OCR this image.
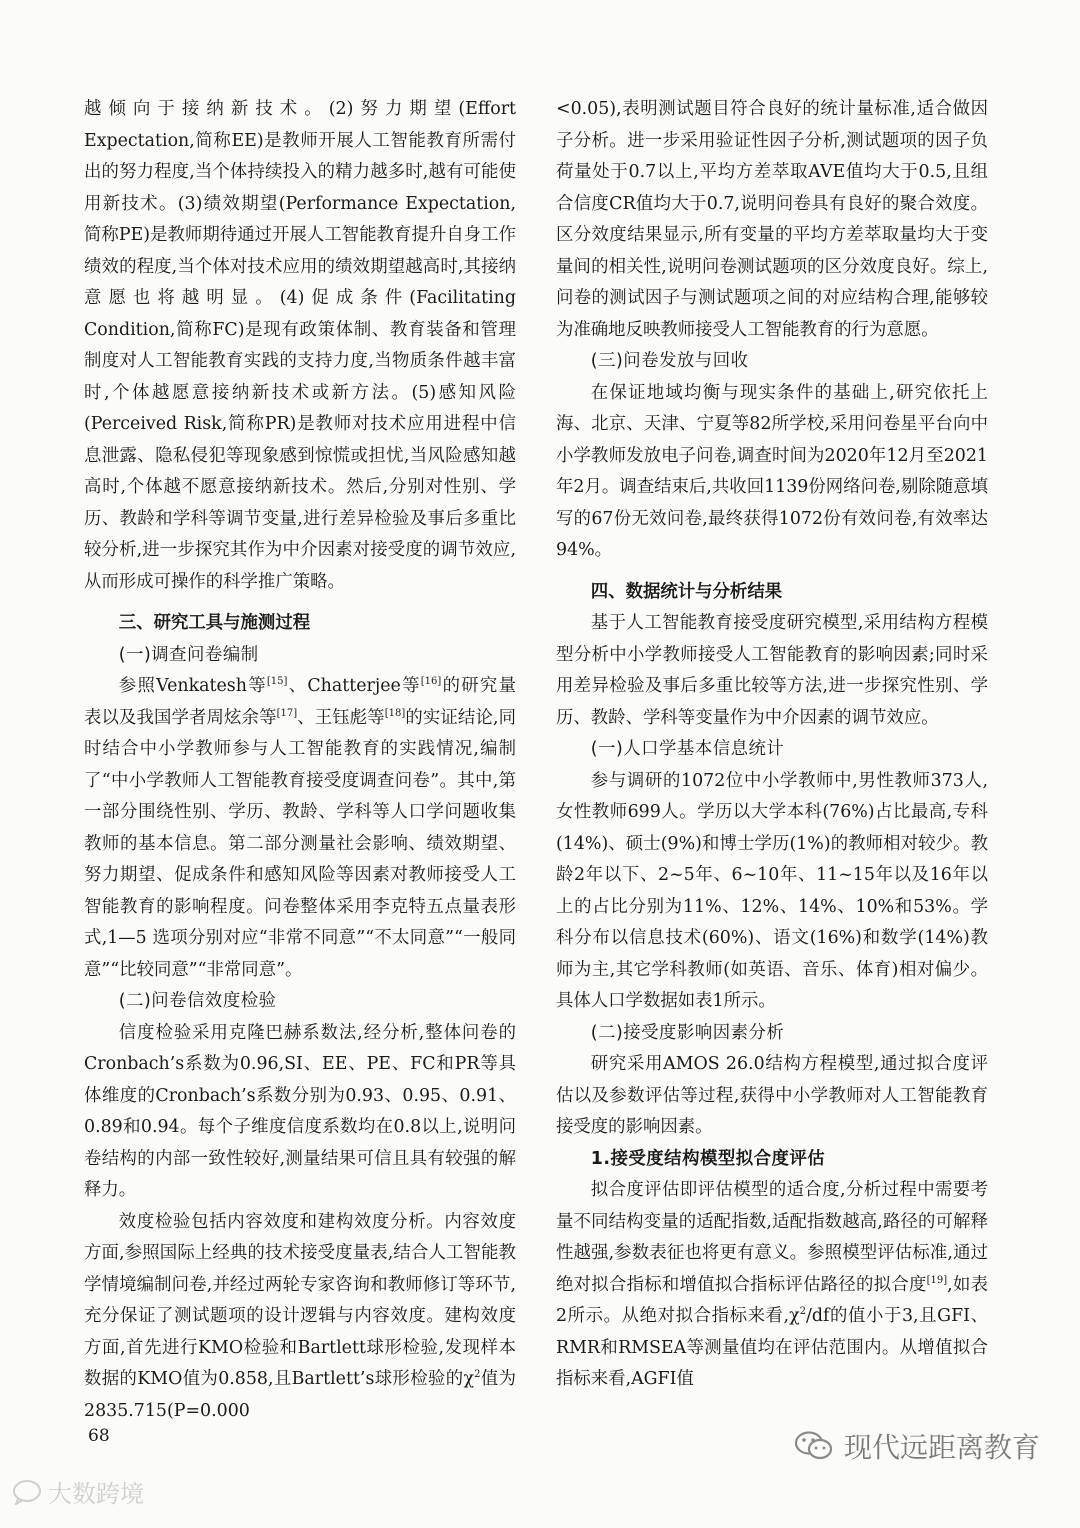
越倾向于接纳新技术。(2)努力期望(Effort Expectation,简称EE)是教师开展人工智能教育所需付出的努力程度,当个体持续投入的精力越多时,越有可能使用新技术。(3)绩效期望(Performance Expectation,简称PE)是教师期待通过开展人工智能教育提升自身工作绩效的程度,当个体对技术应用的绩效期望越高时,其接纳意愿也将越明显。(4)促成条件(Facilitating Condition,简称FC)是现有政策体制、教育装备和管理制度对人工智能教育实践的支持力度,当物质条件越丰富时,个体越愿意接纳新技术或新方法。(5)感知风险(Perceived Risk,简称PR)是教师对技术应用进程中信息泄露、隐私侵犯等现象感到惊慌或担忧,当风险感知越高时,个体越不愿意接纳新技术。然后,分别对性别、学历、教龄和学科等调节变量,进行差异检验及事后多重比较分析,进一步探究其作为中介因素对接受度的调节效应,从而形成可操作的科学推广策略。

三、研究工具与施测过程

(一)调查问卷编制

参照Venkatesh等[15]、Chatterjee等[16]的研究量表以及我国学者周炫余等[17]、王钰彪等[18]的实证结论,同时结合中小学教师参与人工智能教育的实践情况,编制了“中小学教师人工智能教育接受度调查问卷”。其中,第一部分围绕性别、学历、教龄、学科等人口学问题收集教师的基本信息。第二部分测量社会影响、绩效期望、努力期望、促成条件和感知风险等因素对教师接受人工智能教育的影响程度。问卷整体采用李克特五点量表形式,1—5 选项分别对应“非常不同意”“不太同意”“一般同意”“比较同意”“非常同意”。

(二)问卷信效度检验

信度检验采用克隆巴赫系数法,经分析,整体问卷的Cronbach’s系数为0.96,SI、EE、PE、FC和PR等具体维度的Cronbach’s系数分别为0.93、0.95、0.91、0.89和0.94。每个子维度信度系数均在0.8以上,说明问卷结构的内部一致性较好,测量结果可信且具有较强的解释力。

效度检验包括内容效度和建构效度分析。内容效度方面,参照国际上经典的技术接受度量表,结合人工智能教学情境编制问卷,并经过两轮专家咨询和教师修订等环节,充分保证了测试题项的设计逻辑与内容效度。建构效度方面,首先进行KMO检验和Bartlett球形检验,发现样本数据的KMO值为0.858,且Bartlett’s球形检验的$\chi^2$值为2835.715(P=0.000

<0.05),表明测试题目符合良好的统计量标准,适合做因子分析。进一步采用验证性因子分析,测试题项的因子负荷量处于0.7以上,平均方差萃取AVE值均大于0.5,且组合信度CR值均大于0.7,说明问卷具有良好的聚合效度。区分效度结果显示,所有变量的平均方差萃取量均大于变量间的相关性,说明问卷测试题项的区分效度良好。综上,问卷的测试因子与测试题项之间的对应结构合理,能够较为准确地反映教师接受人工智能教育的行为意愿。

(三)问卷发放与回收

在保证地域均衡与现实条件的基础上,研究依托上海、北京、天津、宁夏等82所学校,采用问卷星平台向中小学教师发放电子问卷,调查时间为2020年12月至2021年2月。调查结束后,共收回1139份网络问卷,剔除随意填写的67份无效问卷,最终获得1072份有效问卷,有效率达94%。

四、数据统计与分析结果

基于人工智能教育接受度研究模型,采用结构方程模型分析中小学教师接受人工智能教育的影响因素;同时采用差异检验及事后多重比较等方法,进一步探究性别、学历、教龄、学科等变量作为中介因素的调节效应。

(一)人口学基本信息统计

参与调研的1072位中小学教师中,男性教师373人,女性教师699人。学历以大学本科(76%)占比最高,专科(14%)、硕士(9%)和博士学历(1%)的教师相对较少。教龄2年以下、2~5年、6~10年、11~15年以及16年以上的占比分别为11%、12%、14%、10%和53%。学科分布以信息技术(60%)、语文(16%)和数学(14%)教师为主,其它学科教师(如英语、音乐、体育)相对偏少。具体人口学数据如表1所示。

(二)接受度影响因素分析

研究采用AMOS 26.0结构方程模型,通过拟合度评估以及参数评估等过程,获得中小学教师对人工智能教育接受度的影响因素。

1.接受度结构模型拟合度评估

拟合度评估即评估模型的适合度,分析过程中需要考量不同结构变量的适配指数,适配指数越高,路径的可解释性越强,参数表征也将更有意义。参照模型评估标准,通过绝对拟合指标和增值拟合指标评估路径的拟合度[19],如表2所示。从绝对拟合指标来看$,\chi^2/df$的值小于3,且GFI、RMR和RMSEA等测量值均在评估范围内。从增值拟合指标来看,AGFI值

68	现代远距离教育
大数跨境
